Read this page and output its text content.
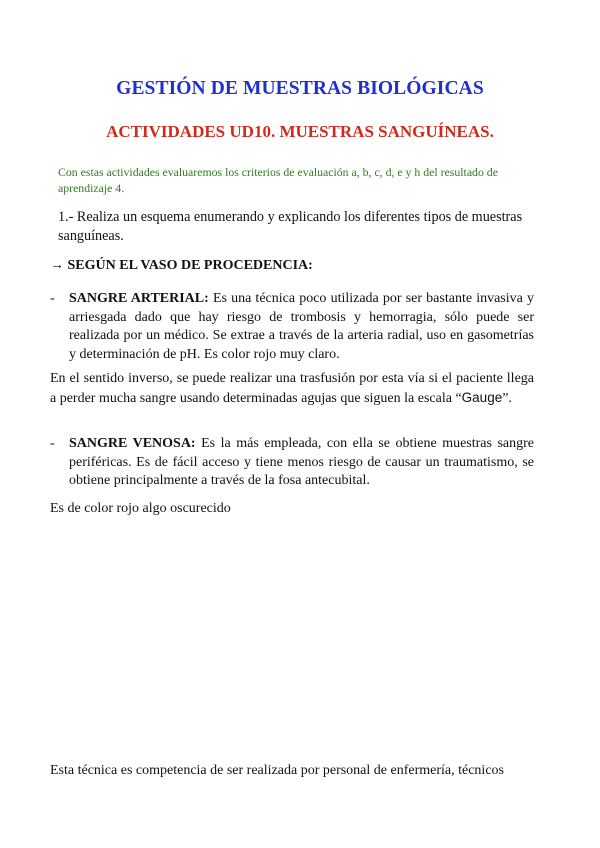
GESTIÓN DE MUESTRAS BIOLÓGICAS
ACTIVIDADES UD10. MUESTRAS SANGUÍNEAS.
Con estas actividades evaluaremos los criterios de evaluación a, b, c, d, e y h del resultado de aprendizaje 4.
1.- Realiza un esquema enumerando y explicando los diferentes tipos de muestras sanguíneas.
→ SEGÚN EL VASO DE PROCEDENCIA:
- SANGRE ARTERIAL: Es una técnica poco utilizada por ser bastante invasiva y arriesgada dado que hay riesgo de trombosis y hemorragia, sólo puede ser realizada por un médico. Se extrae a través de la arteria radial, uso en gasometrías y determinación de pH. Es color rojo muy claro.
En el sentido inverso, se puede realizar una trasfusión por esta vía si el paciente llega a perder mucha sangre usando determinadas agujas que siguen la escala “Gauge”.
- SANGRE VENOSA: Es la más empleada, con ella se obtiene muestras sangre periféricas. Es de fácil acceso y tiene menos riesgo de causar un traumatismo, se obtiene principalmente a través de la fosa antecubital.
Es de color rojo algo oscurecido
Esta técnica es competencia de ser realizada por personal de enfermería, técnicos
